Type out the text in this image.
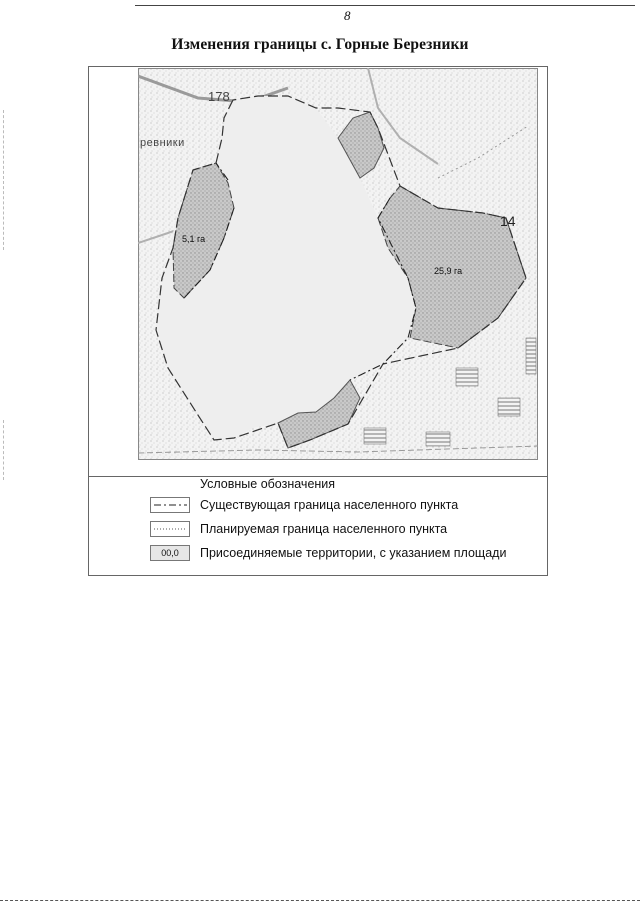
8
Изменения границы с. Горные Березники
178
ревники
5,1 га
25,9 га
14
Условные обозначения
Существующая граница населенного пункта
Планируемая граница населенного пункта
00,0	Присоединяемые территории, с указанием площади
